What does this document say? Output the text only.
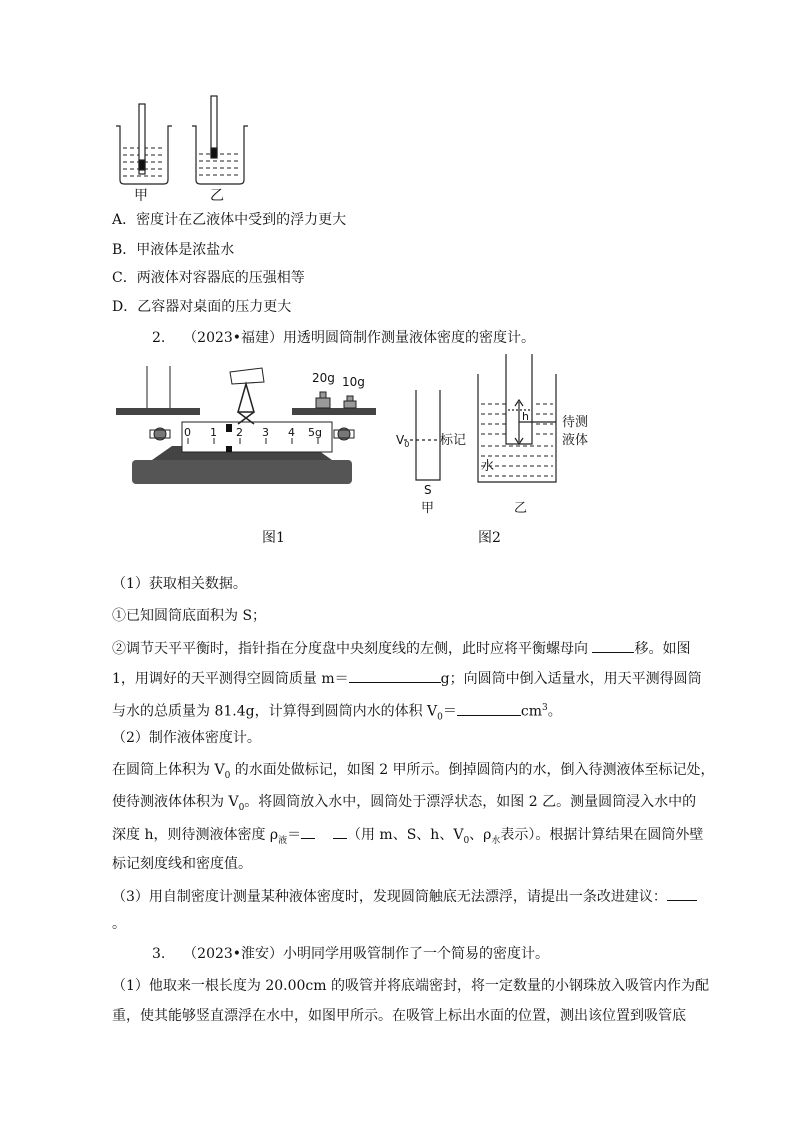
甲	乙
A．密度计在乙液体中受到的浮力更大
B．甲液体是浓盐水
C．两液体对容器底的压强相等
D．乙容器对桌面的压力更大
2. （2023•福建）用透明圆筒制作测量液体密度的密度计。
0 1 2 3 4 5g
20g 10g
图1
$V_0$ 标记
S
甲
h	待测
液体
水
乙
图2
（1）获取相关数据。
①已知圆筒底面积为 S；
②调节天平平衡时，指针指在分度盘中央刻度线的左侧，此时应将平衡螺母向	移。如图
1，用调好的天平测得空圆筒质量 m＝	g；向圆筒中倒入适量水，用天平测得圆筒
与水的总质量为 81.4g，计算得到圆筒内水的体积 $V_0=$	$cm^3$。
（2）制作液体密度计。
在圆筒上体积为 $V_0$ 的水面处做标记，如图 2 甲所示。倒掉圆筒内的水，倒入待测液体至标记处，
使待测液体体积为 $V_0$。将圆筒放入水中，圆筒处于漂浮状态，如图 2 乙。测量圆筒浸入水中的
深度 h，则待测液体密度 $\rho_液=$	（用 m、S、h、$V_0$、$\rho_水$表示）。根据计算结果在圆筒外壁
标记刻度线和密度值。
（3）用自制密度计测量某种液体密度时，发现圆筒触底无法漂浮，请提出一条改进建议：
。
3. （2023•淮安）小明同学用吸管制作了一个简易的密度计。
（1）他取来一根长度为 20.00cm 的吸管并将底端密封，将一定数量的小钢珠放入吸管内作为配
重，使其能够竖直漂浮在水中，如图甲所示。在吸管上标出水面的位置，测出该位置到吸管底
